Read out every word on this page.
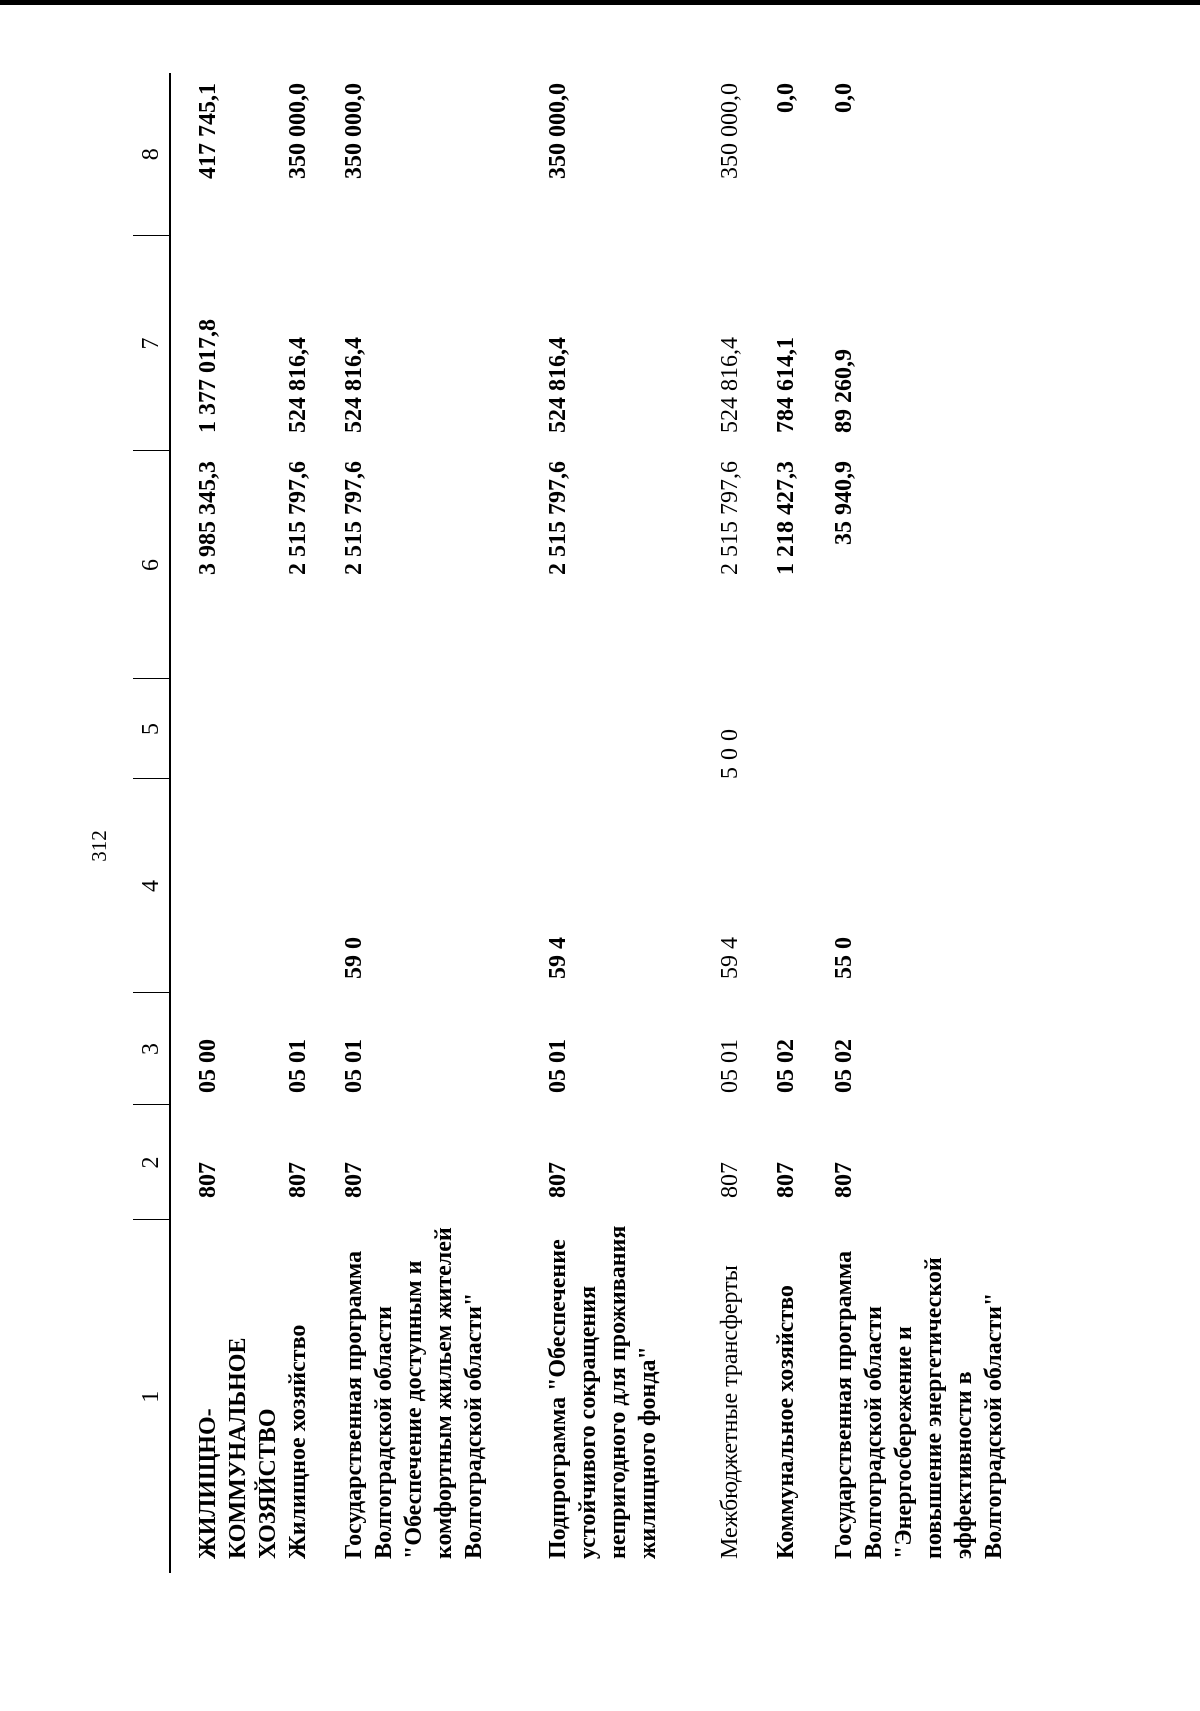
312
1	2	3	4	5	6	7	8
ЖИЛИЩНО-КОММУНАЛЬНОЕ ХОЗЯЙСТВО	807	05 00			3 985 345,3	1 377 017,8	417 745,1
Жилищное хозяйство	807	05 01			2 515 797,6	524 816,4	350 000,0
Государственная программа Волгоградской области "Обеспечение доступным и комфортным жильем жителей Волгоградской области"	807	05 01	59 0		2 515 797,6	524 816,4	350 000,0
Подпрограмма "Обеспечение устойчивого сокращения непригодного для проживания жилищного фонда"	807	05 01	59 4		2 515 797,6	524 816,4	350 000,0
Межбюджетные трансферты	807	05 01	59 4	500	2 515 797,6	524 816,4	350 000,0
Коммунальное хозяйство	807	05 02			1 218 427,3	784 614,1	0,0
Государственная программа Волгоградской области "Энергосбережение и повышение энергетической эффективности в Волгоградской области"	807	05 02	55 0		35 940,9	89 260,9	0,0
